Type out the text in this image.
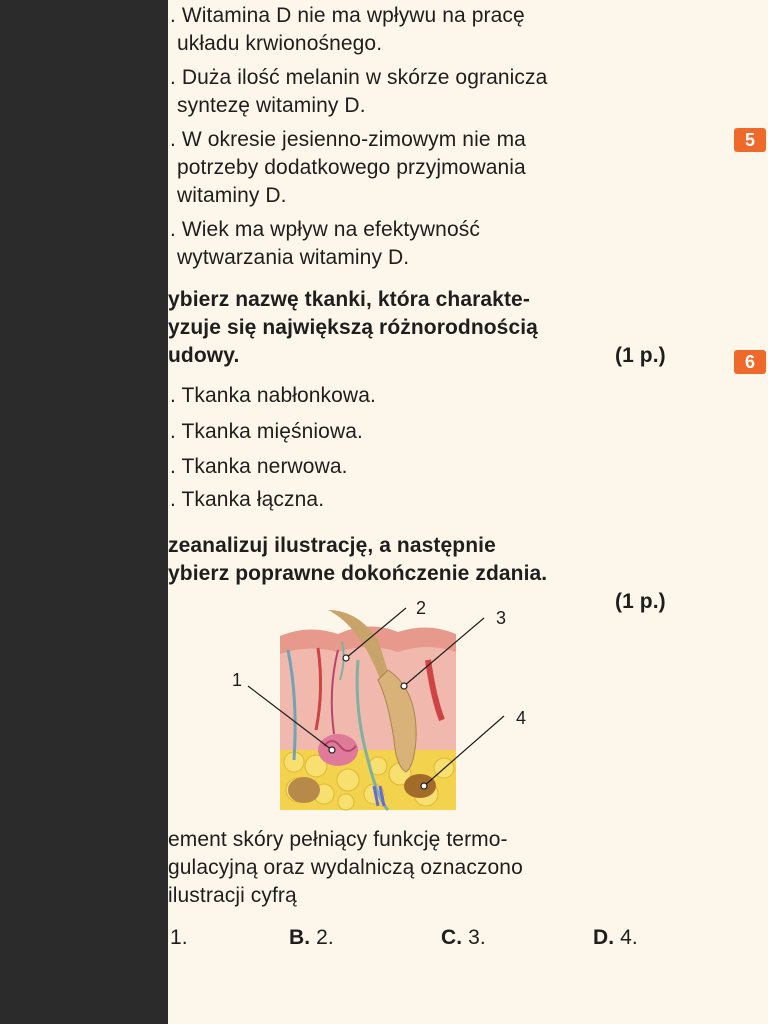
. Witamina D nie ma wpływu na pracę
układu krwionośnego.
. Duża ilość melanin w skórze ogranicza
syntezę witaminy D.
. W okresie jesienno-zimowym nie ma
potrzeby dodatkowego przyjmowania
witaminy D.
. Wiek ma wpływ na efektywność
wytwarzania witaminy D.
5
6
ybierz nazwę tkanki, która charakte-
yzuje się największą różnorodnością
udowy.	(1 p.)
. Tkanka nabłonkowa.
. Tkanka mięśniowa.
. Tkanka nerwowa.
. Tkanka łączna.
zeanalizuj ilustrację, a następnie
ybierz poprawne dokończenie zdania.
(1 p.)
1
2	3
4
ement skóry pełniący funkcję termo-
gulacyjną oraz wydalniczą oznaczono
ilustracji cyfrą
1.	B. 2.	C. 3.	D. 4.
